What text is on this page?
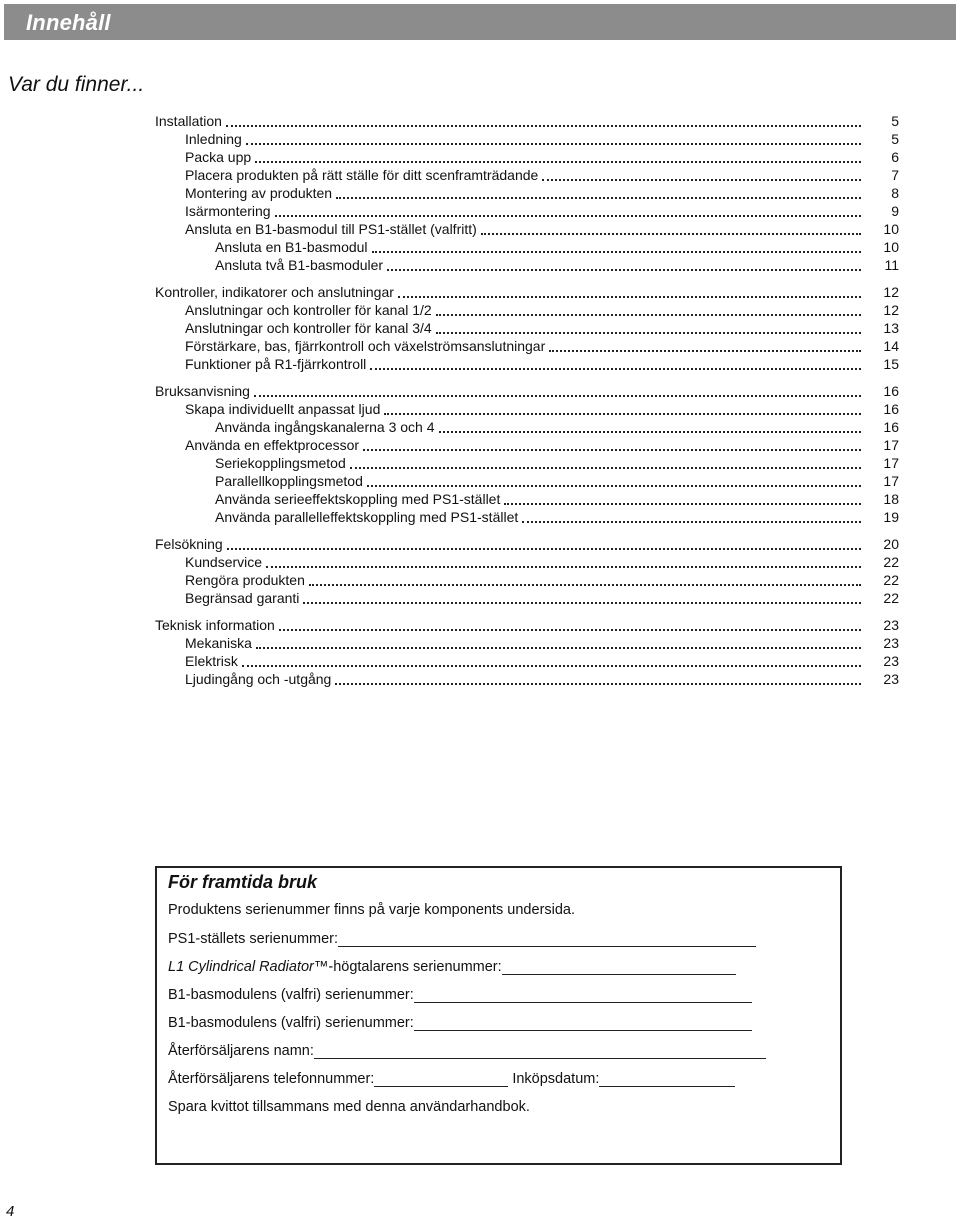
Innehåll
Var du finner...
Installation	5
Inledning	5
Packa upp	6
Placera produkten på rätt ställe för ditt scenframträdande	7
Montering av produkten	8
Isärmontering	9
Ansluta en B1-basmodul till PS1-stället (valfritt)	10
Ansluta en B1-basmodul	10
Ansluta två B1-basmoduler	11
Kontroller, indikatorer och anslutningar	12
Anslutningar och kontroller för kanal 1/2	12
Anslutningar och kontroller för kanal 3/4	13
Förstärkare, bas, fjärrkontroll och växelströmsanslutningar	14
Funktioner på R1-fjärrkontroll	15
Bruksanvisning	16
Skapa individuellt anpassat ljud	16
Använda ingångskanalerna 3 och 4	16
Använda en effektprocessor	17
Seriekopplingsmetod	17
Parallellkopplingsmetod	17
Använda serieeffektskoppling med PS1-stället	18
Använda parallelleffektskoppling med PS1-stället	19
Felsökning	20
Kundservice	22
Rengöra produkten	22
Begränsad garanti	22
Teknisk information	23
Mekaniska	23
Elektrisk	23
Ljudingång och -utgång	23
För framtida bruk
Produktens serienummer finns på varje komponents undersida.
PS1-ställets serienummer:
L1 Cylindrical Radiator™ -högtalarens serienummer:
B1-basmodulens (valfri) serienummer:
B1-basmodulens (valfri) serienummer:
Återförsäljarens namn:
Återförsäljarens telefonnummer:	Inköpsdatum:
Spara kvittot tillsammans med denna användarhandbok.
4
